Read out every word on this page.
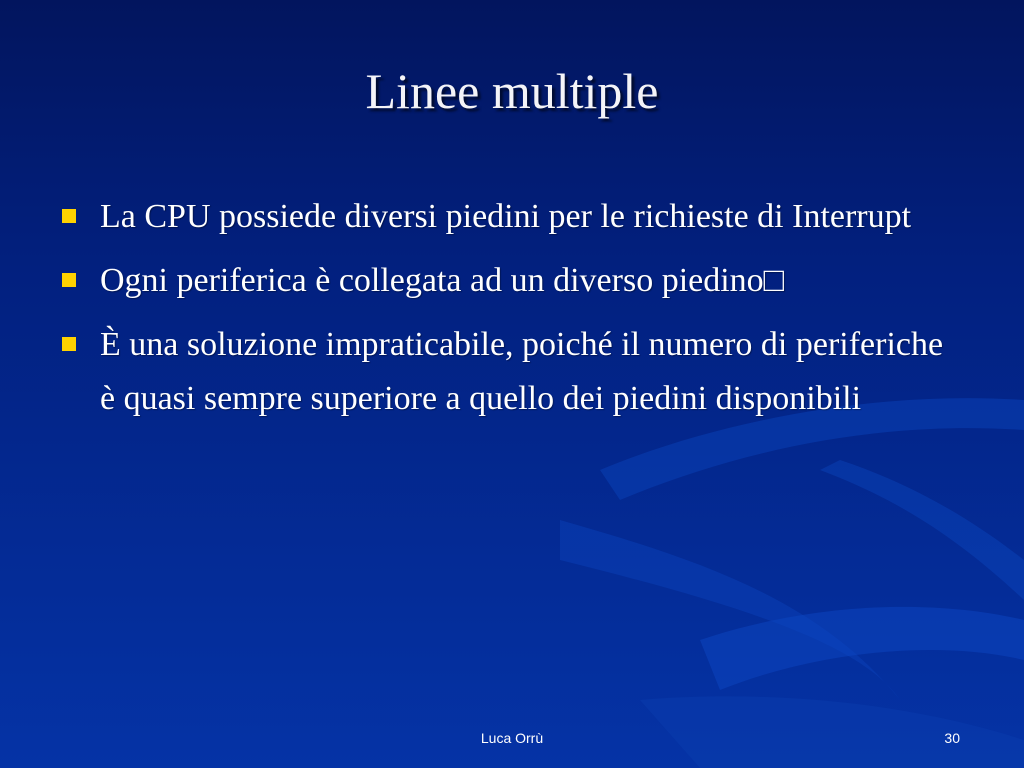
Linee multiple
La CPU possiede diversi piedini per le richieste di Interrupt
Ogni periferica è collegata ad un diverso piedino□
È una soluzione impraticabile, poiché il numero di periferiche è quasi sempre superiore a quello dei piedini disponibili
Luca Orrù	30
